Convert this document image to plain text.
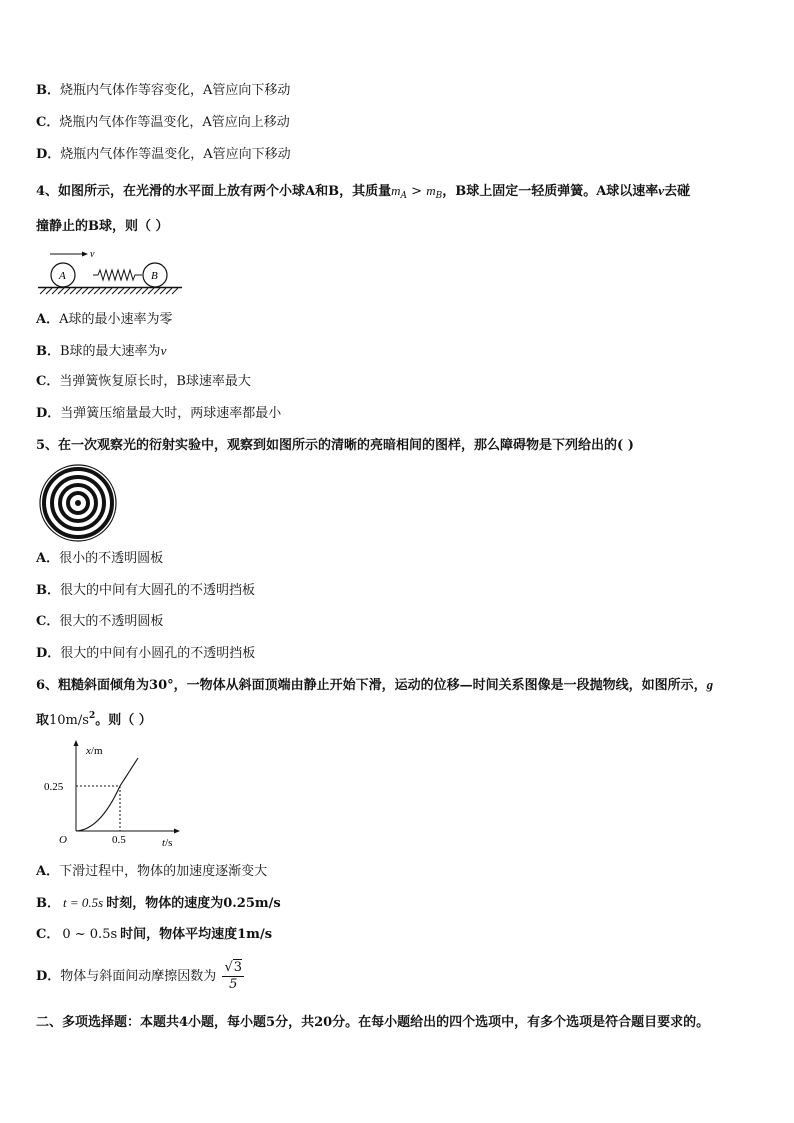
B．烧瓶内气体作等容变化，A管应向下移动
C．烧瓶内气体作等温变化，A管应向上移动
D．烧瓶内气体作等温变化，A管应向下移动
4、如图所示，在光滑的水平面上放有两个小球A和B，其质量$m_A > m_B$，B球上固定一轻质弹簧。A球以速率v去碰
撞静止的B球，则（ ）
v
A	B
A．A球的最小速率为零
B．B球的最大速率为v
C．当弹簧恢复原长时，B球速率最大
D．当弹簧压缩量最大时，两球速率都最小
5、在一次观察光的衍射实验中，观察到如图所示的清晰的亮暗相间的图样，那么障碍物是下列给出的( )
A．很小的不透明圆板
B．很大的中间有大圆孔的不透明挡板
C．很大的不透明圆板
D．很大的中间有小圆孔的不透明挡板
6、粗糙斜面倾角为30°，一物体从斜面顶端由静止开始下滑，运动的位移—时间关系图像是一段抛物线，如图所示，g
取$10m/s^2$。则（ ）
x/m
t/s
O
0.25
0.5
A．下滑过程中，物体的加速度逐渐变大
B． t = 0.5s 时刻，物体的速度为0.25m/s
C． 0 ~ 0.5s 时间，物体平均速度1m/s
D．物体与斜面间动摩擦因数为 $\frac{√3}{5}$
二、多项选择题：本题共4小题，每小题5分，共20分。在每小题给出的四个选项中，有多个选项是符合题目要求的。
